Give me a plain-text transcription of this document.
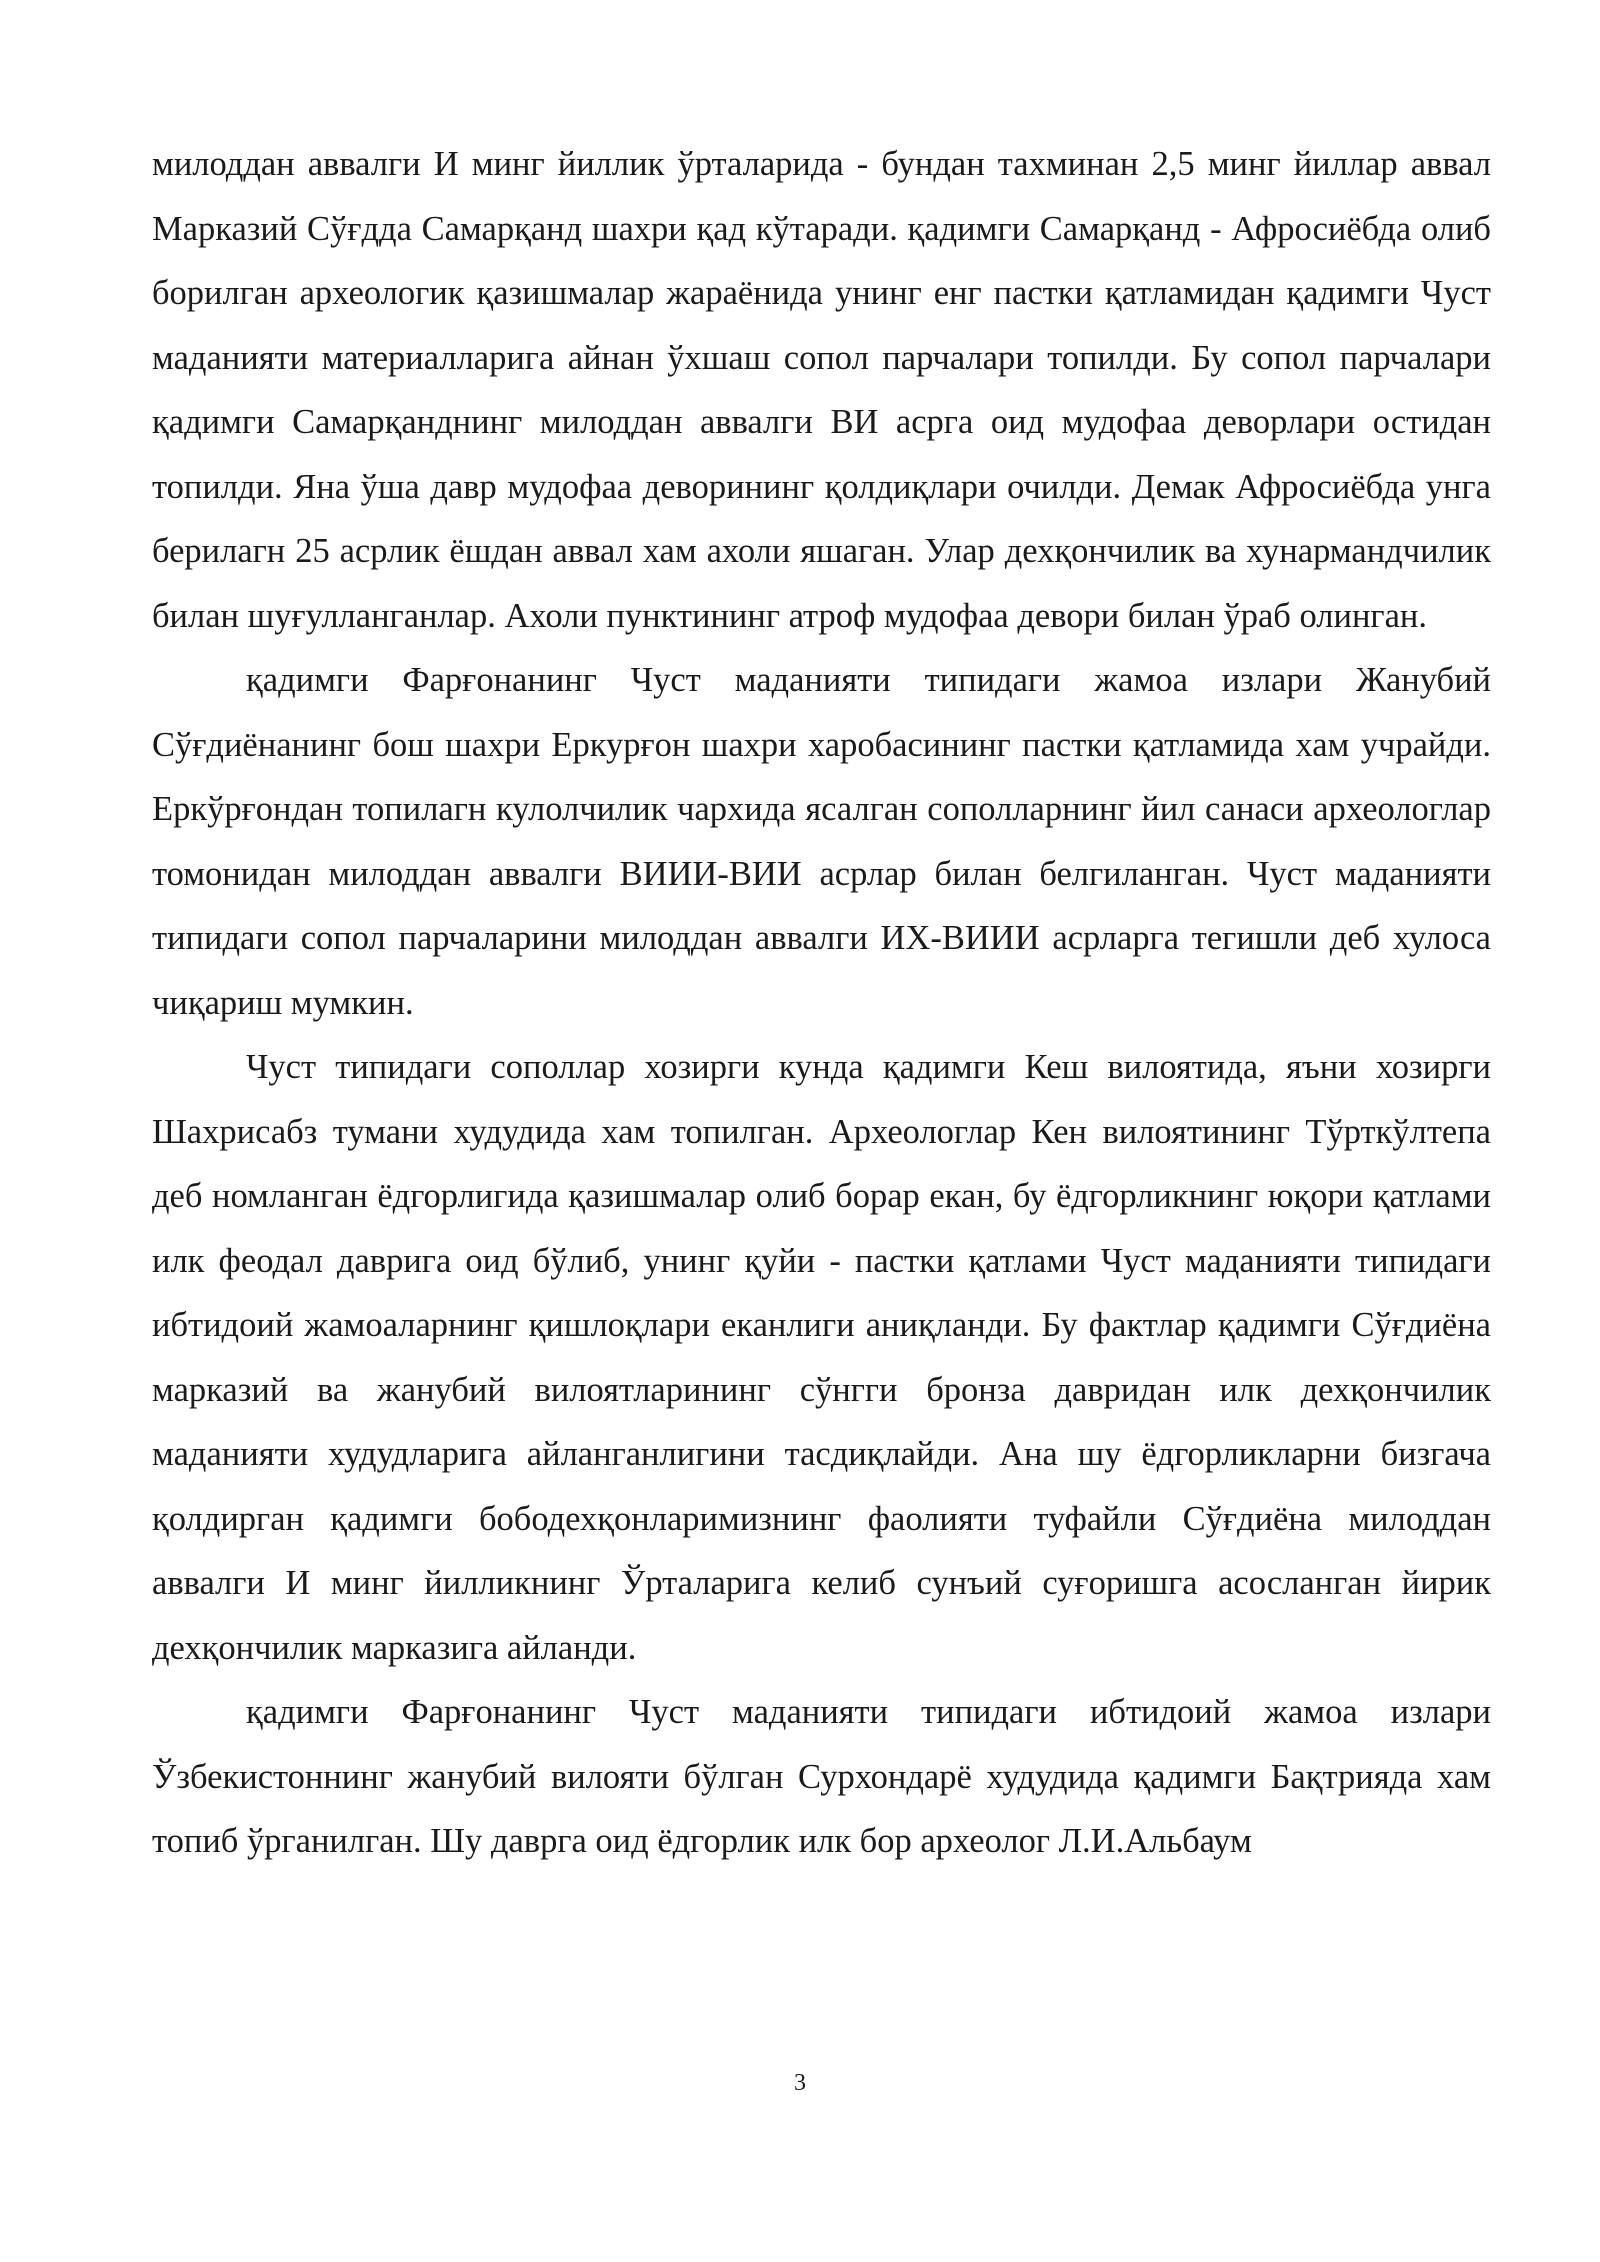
милоддан аввалги И минг йиллик ўрталарида - бундан тахминан 2,5 минг йиллар аввал Марказий Сўғдда Самарқанд шахри қад кўтаради. қадимги Самарқанд - Афросиёбда олиб борилган археологик қазишмалар жараёнида унинг енг пастки қатламидан қадимги Чуст маданияти материалларига айнан ўхшаш сопол парчалари топилди. Бу сопол парчалари қадимги Самарқанднинг милоддан аввалги ВИ асрга оид мудофаа деворлари остидан топилди. Яна ўша давр мудофаа деворининг қолдиқлари очилди. Демак Афросиёбда унга берилагн 25 асрлик ёшдан аввал хам ахоли яшаган. Улар дехқончилик ва хунармандчилик билан шуғулланганлар. Ахоли пунктининг атроф мудофаа девори билан ўраб олинган.

қадимги Фарғонанинг Чуст маданияти типидаги жамоа излари Жанубий Сўғдиёнанинг бош шахри Еркурғон шахри харобасининг пастки қатламида хам учрайди. Еркўрғондан топилагн кулолчилик чархида ясалган сополларнинг йил санаси археологлар томонидан милоддан аввалги ВИИИ-ВИИ асрлар билан белгиланган. Чуст маданияти типидаги сопол парчаларини милоддан аввалги ИХ-ВИИИ асрларга тегишли деб хулоса чиқариш мумкин.

Чуст типидаги сополлар хозирги кунда қадимги Кеш вилоятида, яъни хозирги Шахрисабз тумани худудида хам топилган. Археологлар Кен вилоятининг Тўрткўлтепа деб номланган ёдгорлигида қазишмалар олиб борар екан, бу ёдгорликнинг юқори қатлами илк феодал даврига оид бўлиб, унинг қуйи - пастки қатлами Чуст маданияти типидаги ибтидоий жамоаларнинг қишлоқлари еканлиги аниқланди. Бу фактлар қадимги Сўғдиёна марказий ва жанубий вилоятларининг сўнгги бронза давридан илк дехқончилик маданияти худудларига айланганлигини тасдиқлайди. Ана шу ёдгорликларни бизгача қолдирган қадимги бободехқонларимизнинг фаолияти туфайли Сўғдиёна милоддан аввалги И минг йилликнинг Ўрталарига келиб сунъий суғоришга асосланган йирик дехқончилик марказига айланди.

қадимги Фарғонанинг Чуст маданияти типидаги ибтидоий жамоа излари Ўзбекистоннинг жанубий вилояти бўлган Сурхондарё худудида қадимги Бақтрияда хам топиб ўрганилган. Шу даврга оид ёдгорлик илк бор археолог Л.И.Альбаум

3
